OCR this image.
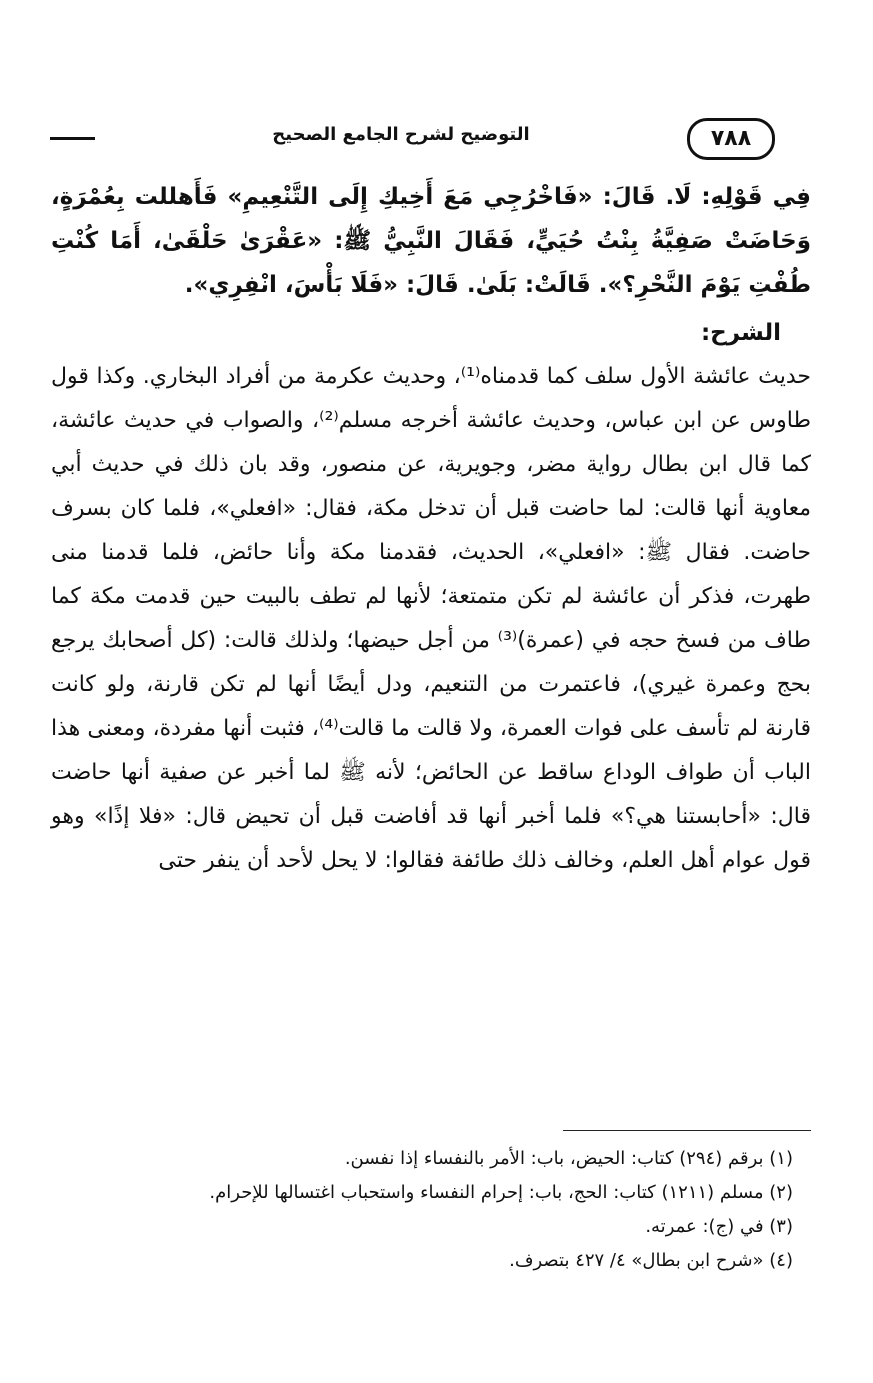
٧٨٨
التوضيح لشرح الجامع الصحيح

فِي قَوْلِهِ: لَا. قَالَ: «فَاخْرُجِي مَعَ أَخِيكِ إِلَى التَّنْعِيمِ» فَأَهللت بِعُمْرَةٍ، وَحَاضَتْ صَفِيَّةُ بِنْتُ حُيَيٍّ، فَقَالَ النَّبِيُّ ﷺ: «عَقْرَىٰ حَلْقَىٰ، أَمَا كُنْتِ طُفْتِ يَوْمَ النَّحْرِ؟». قَالَتْ: بَلَىٰ. قَالَ: «فَلَا بَأْسَ، انْفِرِي».

الشرح:

حديث عائشة الأول سلف كما قدمناه⁽¹⁾، وحديث عكرمة من أفراد البخاري. وكذا قول طاوس عن ابن عباس، وحديث عائشة أخرجه مسلم⁽²⁾، والصواب في حديث عائشة، كما قال ابن بطال رواية مضر، وجويرية، عن منصور، وقد بان ذلك في حديث أبي معاوية أنها قالت: لما حاضت قبل أن تدخل مكة، فقال: «افعلي»، فلما كان بسرف حاضت. فقال ﷺ: «افعلي»، الحديث، فقدمنا مكة وأنا حائض، فلما قدمنا منى طهرت، فذكر أن عائشة لم تكن متمتعة؛ لأنها لم تطف بالبيت حين قدمت مكة كما طاف من فسخ حجه في (عمرة)⁽³⁾ من أجل حيضها؛ ولذلك قالت: (كل أصحابك يرجع بحج وعمرة غيري)، فاعتمرت من التنعيم، ودل أيضًا أنها لم تكن قارنة، ولو كانت قارنة لم تأسف على فوات العمرة، ولا قالت ما قالت⁽⁴⁾، فثبت أنها مفردة، ومعنى هذا الباب أن طواف الوداع ساقط عن الحائض؛ لأنه ﷺ لما أخبر عن صفية أنها حاضت قال: «أحابستنا هي؟» فلما أخبر أنها قد أفاضت قبل أن تحيض قال: «فلا إذًا» وهو قول عوام أهل العلم، وخالف ذلك طائفة فقالوا: لا يحل لأحد أن ينفر حتى

(١) برقم (٢٩٤) كتاب: الحيض، باب: الأمر بالنفساء إذا نفسن.

(٢) مسلم (١٢١١) كتاب: الحج، باب: إحرام النفساء واستحباب اغتسالها للإحرام.

(٣) في (ج): عمرته.

(٤) «شرح ابن بطال» ٤/ ٤٢٧ بتصرف.
